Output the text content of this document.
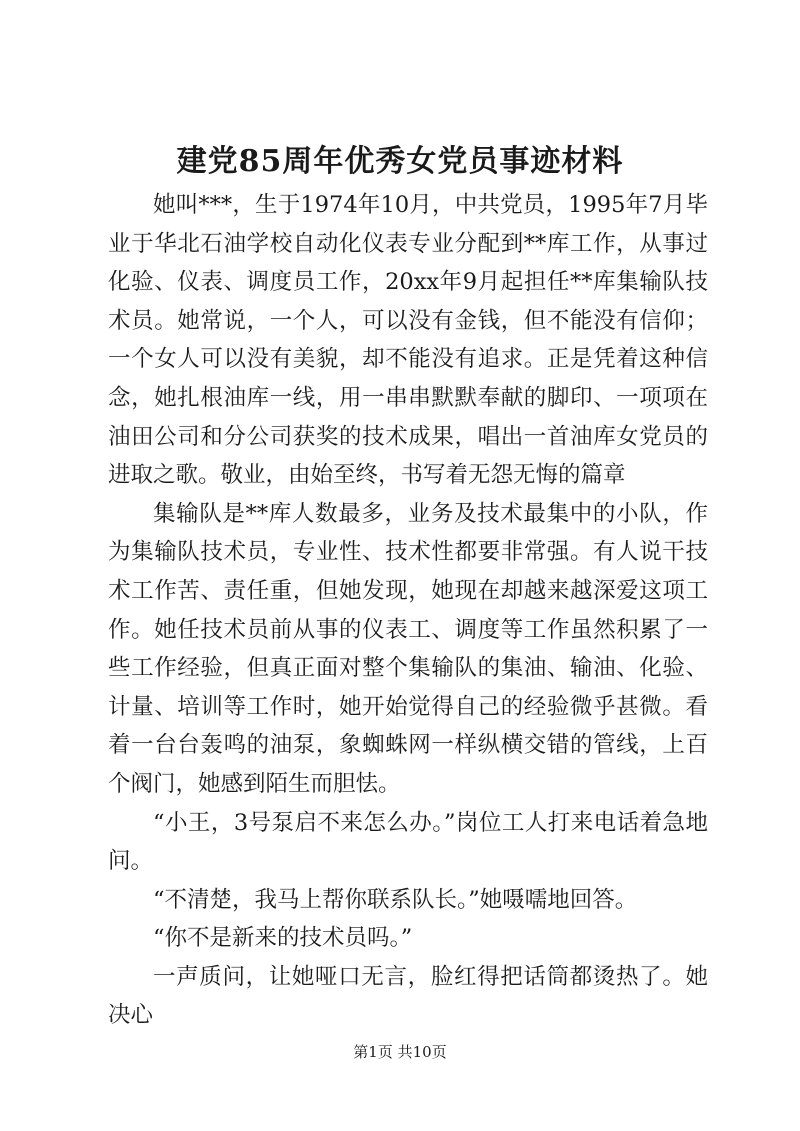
建党85周年优秀女党员事迹材料

她叫***，生于1974年10月，中共党员，1995年7月毕业于华北石油学校自动化仪表专业分配到**库工作，从事过化验、仪表、调度员工作，20xx年9月起担任**库集输队技术员。她常说，一个人，可以没有金钱，但不能没有信仰；一个女人可以没有美貌，却不能没有追求。正是凭着这种信念，她扎根油库一线，用一串串默默奉献的脚印、一项项在油田公司和分公司获奖的技术成果，唱出一首油库女党员的进取之歌。敬业，由始至终，书写着无怨无悔的篇章

集输队是**库人数最多，业务及技术最集中的小队，作为集输队技术员，专业性、技术性都要非常强。有人说干技术工作苦、责任重，但她发现，她现在却越来越深爱这项工作。她任技术员前从事的仪表工、调度等工作虽然积累了一些工作经验，但真正面对整个集输队的集油、输油、化验、计量、培训等工作时，她开始觉得自己的经验微乎甚微。看着一台台轰鸣的油泵，象蜘蛛网一样纵横交错的管线，上百个阀门，她感到陌生而胆怯。

“小王，3号泵启不来怎么办。”岗位工人打来电话着急地问。

“不清楚，我马上帮你联系队长。”她嗫嚅地回答。

“你不是新来的技术员吗。”

一声质问，让她哑口无言，脸红得把话筒都烫热了。她决心

第1页 共10页
